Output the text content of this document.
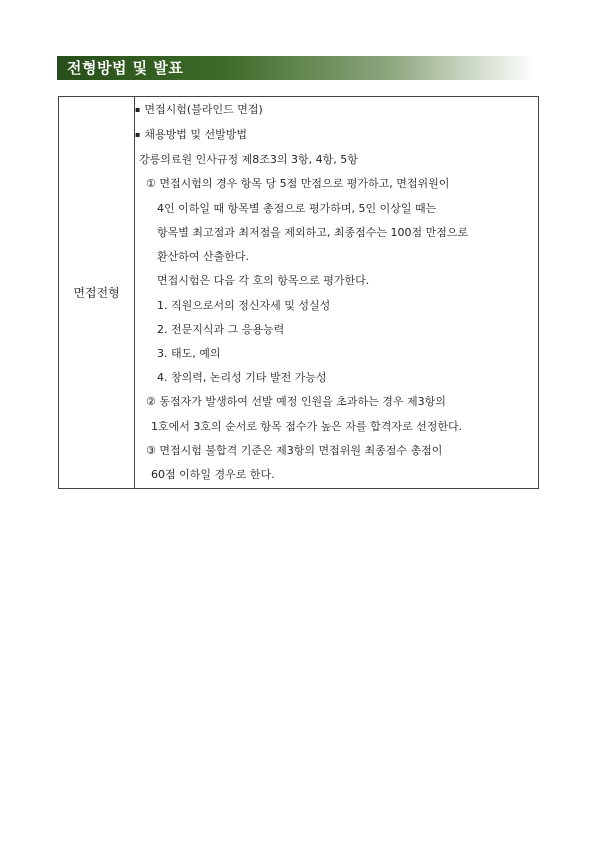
전형방법 및 발표
면접전형	
▪ 면접시험(블라인드 면접)
▪ 채용방법 및 선발방법
강릉의료원 인사규정 제8조3의 3항, 4항, 5항
① 면접시험의 경우 항목 당 5점 만점으로 평가하고, 면접위원이
4인 이하일 때 항목별 총점으로 평가하며, 5인 이상일 때는
항목별 최고점과 최저점을 제외하고, 최종점수는 100점 만점으로
환산하여 산출한다.
면접시험은 다음 각 호의 항목으로 평가한다.
1. 직원으로서의 정신자세 및 성실성
2. 전문지식과 그 응용능력
3. 태도, 예의
4. 창의력, 논리성 기타 발전 가능성
② 동점자가 발생하여 선발 예정 인원을 초과하는 경우 제3항의
1호에서 3호의 순서로 항목 점수가 높은 자를 합격자로 선정한다.
③ 면접시험 불합격 기준은 제3항의 면접위원 최종점수 총점이
60점 이하일 경우로 한다.
